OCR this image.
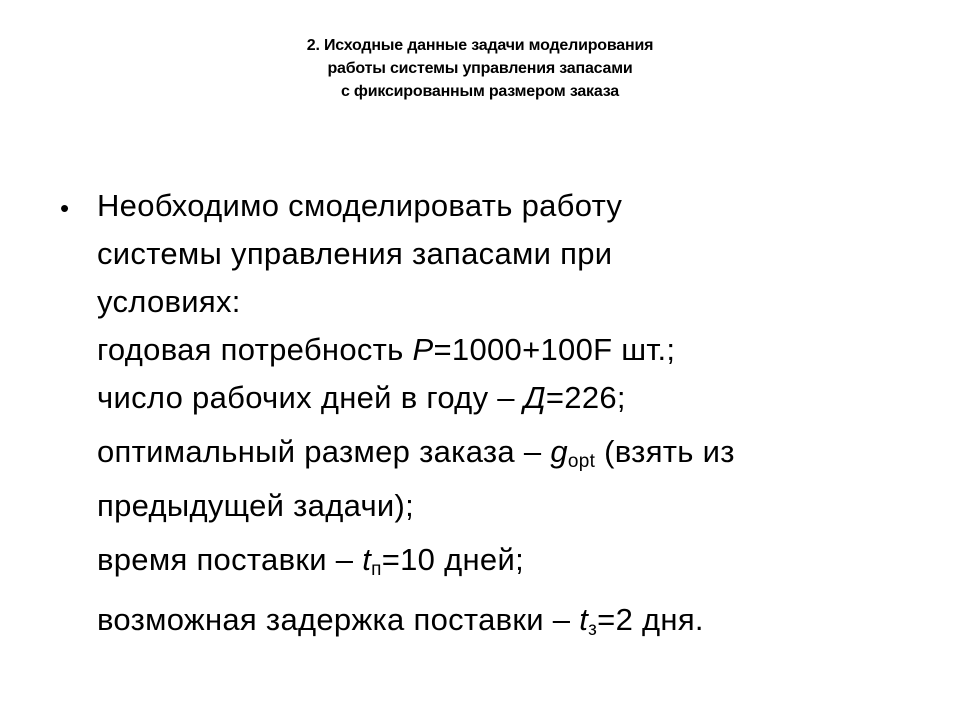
2. Исходные данные задачи моделирования
работы системы управления запасами
с фиксированным размером заказа
• Необходимо смоделировать работу
системы управления запасами при
условиях:
годовая потребность P=1000+100F шт.;
число рабочих дней в году – Д=226;
оптимальный размер заказа – $g_{opt}$ (взять из
предыдущей задачи);
время поставки – $t_п=10$ дней;
возможная задержка поставки – $t_з=2$ дня.
